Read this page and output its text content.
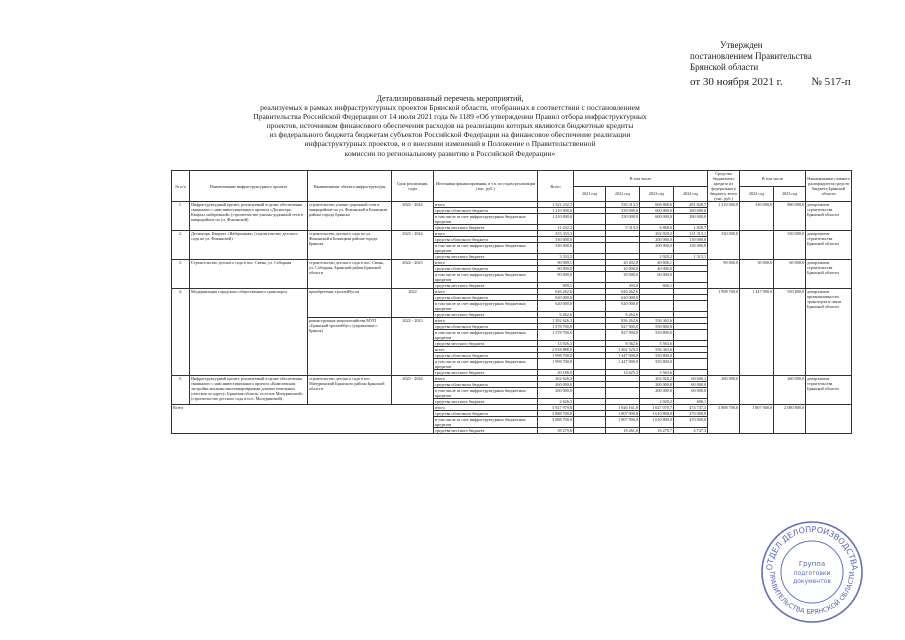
Утвержден
постановлением Правительства
Брянской области
от 30 ноября 2021 г.	№ 517-п
Детализированный перечень мероприятий,
реализуемых в рамках инфраструктурных проектов Брянской области, отобранных в соответствии с постановлением
Правительства Российской Федерации от 14 июля 2021 года № 1189 «Об утверждении Правил отбора инфраструктурных
проектов, источником финансового обеспечения расходов на реализацию которых являются бюджетные кредиты
из федерального бюджета бюджетам субъектов Российской Федерации на финансовое обеспечение реализации
инфраструктурных проектов, и о внесении изменений в Положение о Правительственной
комиссии по региональному развитию в Российской Федерации»
№ п/п	Наименование инфраструктурного проекта	Наименование объекта инфраструктуры	Срок реализации, годы	Источники финансирования, в т.ч. по годам реализации (тыс. руб.)	Всего	В том числе				Средства бюджетного кредита из федерального бюджета, всего (тыс. руб.)	В том числе		Наименование главного распорядителя средств бюджета Брянской области
						2021 год	2022 год	2023 год	2024 год		2022 год	2023 год	
1.	Инфраструктурный проект, реализуемый в целях обеспечения связанного с ним инвестиционного проекта «Десногорь. Квартал набережной» (строительство улично-дорожной сети в микрорайоне по ул. Фокинской)	строительство улично-дорожной сети в микрорайоне по ул. Фокинской в Бежицком районе города Брянска	2022 - 2024	итого	1 322 232,3		335 313,3	606 868,6	281 828,7	1 210 000,0	330 000,0	880 000,0	департамент строительства Брянской области
				средства областного бюджета	1 210 000,0		330 000,0	600 000,0	280 000,0				
				в том числе за счет инфраструктурных бюджетных кредитов	1 210 000,0		330 000,0	600 000,0	280 000,0				
				средства местного бюджета	12 232,3		5 313,3	6 868,6	1 828,7				
2.	Десногорь. Квартал «Набережная» (строительство детского сада по ул. Фокинской)	строительство детского сада по ул. Фокинской в Бежицком районе города Брянска	2023 - 2024	итого	333 333,3			202 020,2	131 313,1	330 000,0		330 000,0	департамент строительства Брянской области
				средства областного бюджета	330 000,0			200 000,0	130 000,0				
				в том числе за счет инфраструктурных бюджетных кредитов	330 000,0			200 000,0	130 000,0				
				средства местного бюджета	3 333,3			2 020,2	1 313,1				
3.	Строительство детского сада в пос. Свень, ул. Соборная	строительство детского сада в пос. Свень, ул. Соборная, Брянский район Брянской области	2022 - 2023	итого	90 909,1		20 202,0	40 606,1		90 000,0	30 000,0	60 000,0	департамент строительства Брянской области
				средства областного бюджета	90 000,0		20 000,0	40 000,0					
				в том числе за счет инфраструктурных бюджетных кредитов	90 000,0		30 000,0	60 000,0					
				средства местного бюджета	909,1		303,0	606,1					
4.	Модернизация городского общественного транспорта	приобретение троллейбусов	2022	итого	626 262,6		626 262,6			1 998 700,0	1 447 900,0	550 800,0	департамент промышленности, транспорта и связи Брянской области
				средства областного бюджета	620 000,0		620 000,0						
				в том числе за счет инфраструктурных бюджетных кредитов	620 000,0		620 000,0						
				средства местного бюджета	6 262,6		6 262,6						
		реконструкция энергохозяйства МУП «Брянский троллейбус» (управление г. Брянск)	2022 - 2023	итого	1 392 626,3		836 262,6	556 363,6					
				средства областного бюджета	1 378 700,0		827 900,0	550 800,0					
				в том числе за счет инфраструктурных бюджетных кредитов	1 378 700,0		827 900,0	550 800,0					
				средства местного бюджета	13 926,3		8 362,6	5 563,6					
				всего	2 018 888,9		1 462 525,3	556 363,6					
				средства областного бюджета	1 998 700,0		1 447 900,0	550 800,0					
				в том числе за счет инфраструктурных бюджетных кредитов	1 998 700,0		1 447 900,0	550 800,0					
				средства местного бюджета	20 188,9		14 625,3	5 563,6					
5.	Инфраструктурный проект, реализуемый в целях обеспечения связанного с ним инвестиционного проекта «Комплексная застройка жилыми многоквартирными домами земельных участков по адресу: Брянская область, поселок Мичуринский» (строительство детского сада в пос. Мичуринский)	строительство детского сада в пос. Мичуринский Брянского района Брянской области	2023 - 2024	итого	262 626,3			202 020,2	60 606,1	260 000,0		260 000,0	департамент строительства Брянской области
				средства областного бюджета	260 000,0			200 000,0	60 000,0				
				в том числе за счет инфраструктурных бюджетных кредитов	260 000,0			200 000,0	60 000,0				
				средства местного бюджета	2 626,3			2 020,2	606,1				
Всего				итого	3 927 979,8		1 826 161,8	1 627 070,7	474 747,3	3 888 700,0	1 807 900,0	2 080 800,0	
				средства областного бюджета	3 888 700,0		1 807 900,0	1 610 800,0	470 000,0				
				в том числе за счет инфраструктурных бюджетных кредитов	3 888 700,0		1 807 900,0	1 610 800,0	470 000,0				
				средства местного бюджета	39 279,8		18 261,6	16 270,7	4 747,3				
ОТДЕЛ ДЕЛОПРОИЗВОДСТВА
ПРАВИТЕЛЬСТВА БРЯНСКОЙ ОБЛАСТИ
Группа
подготовки
документов
